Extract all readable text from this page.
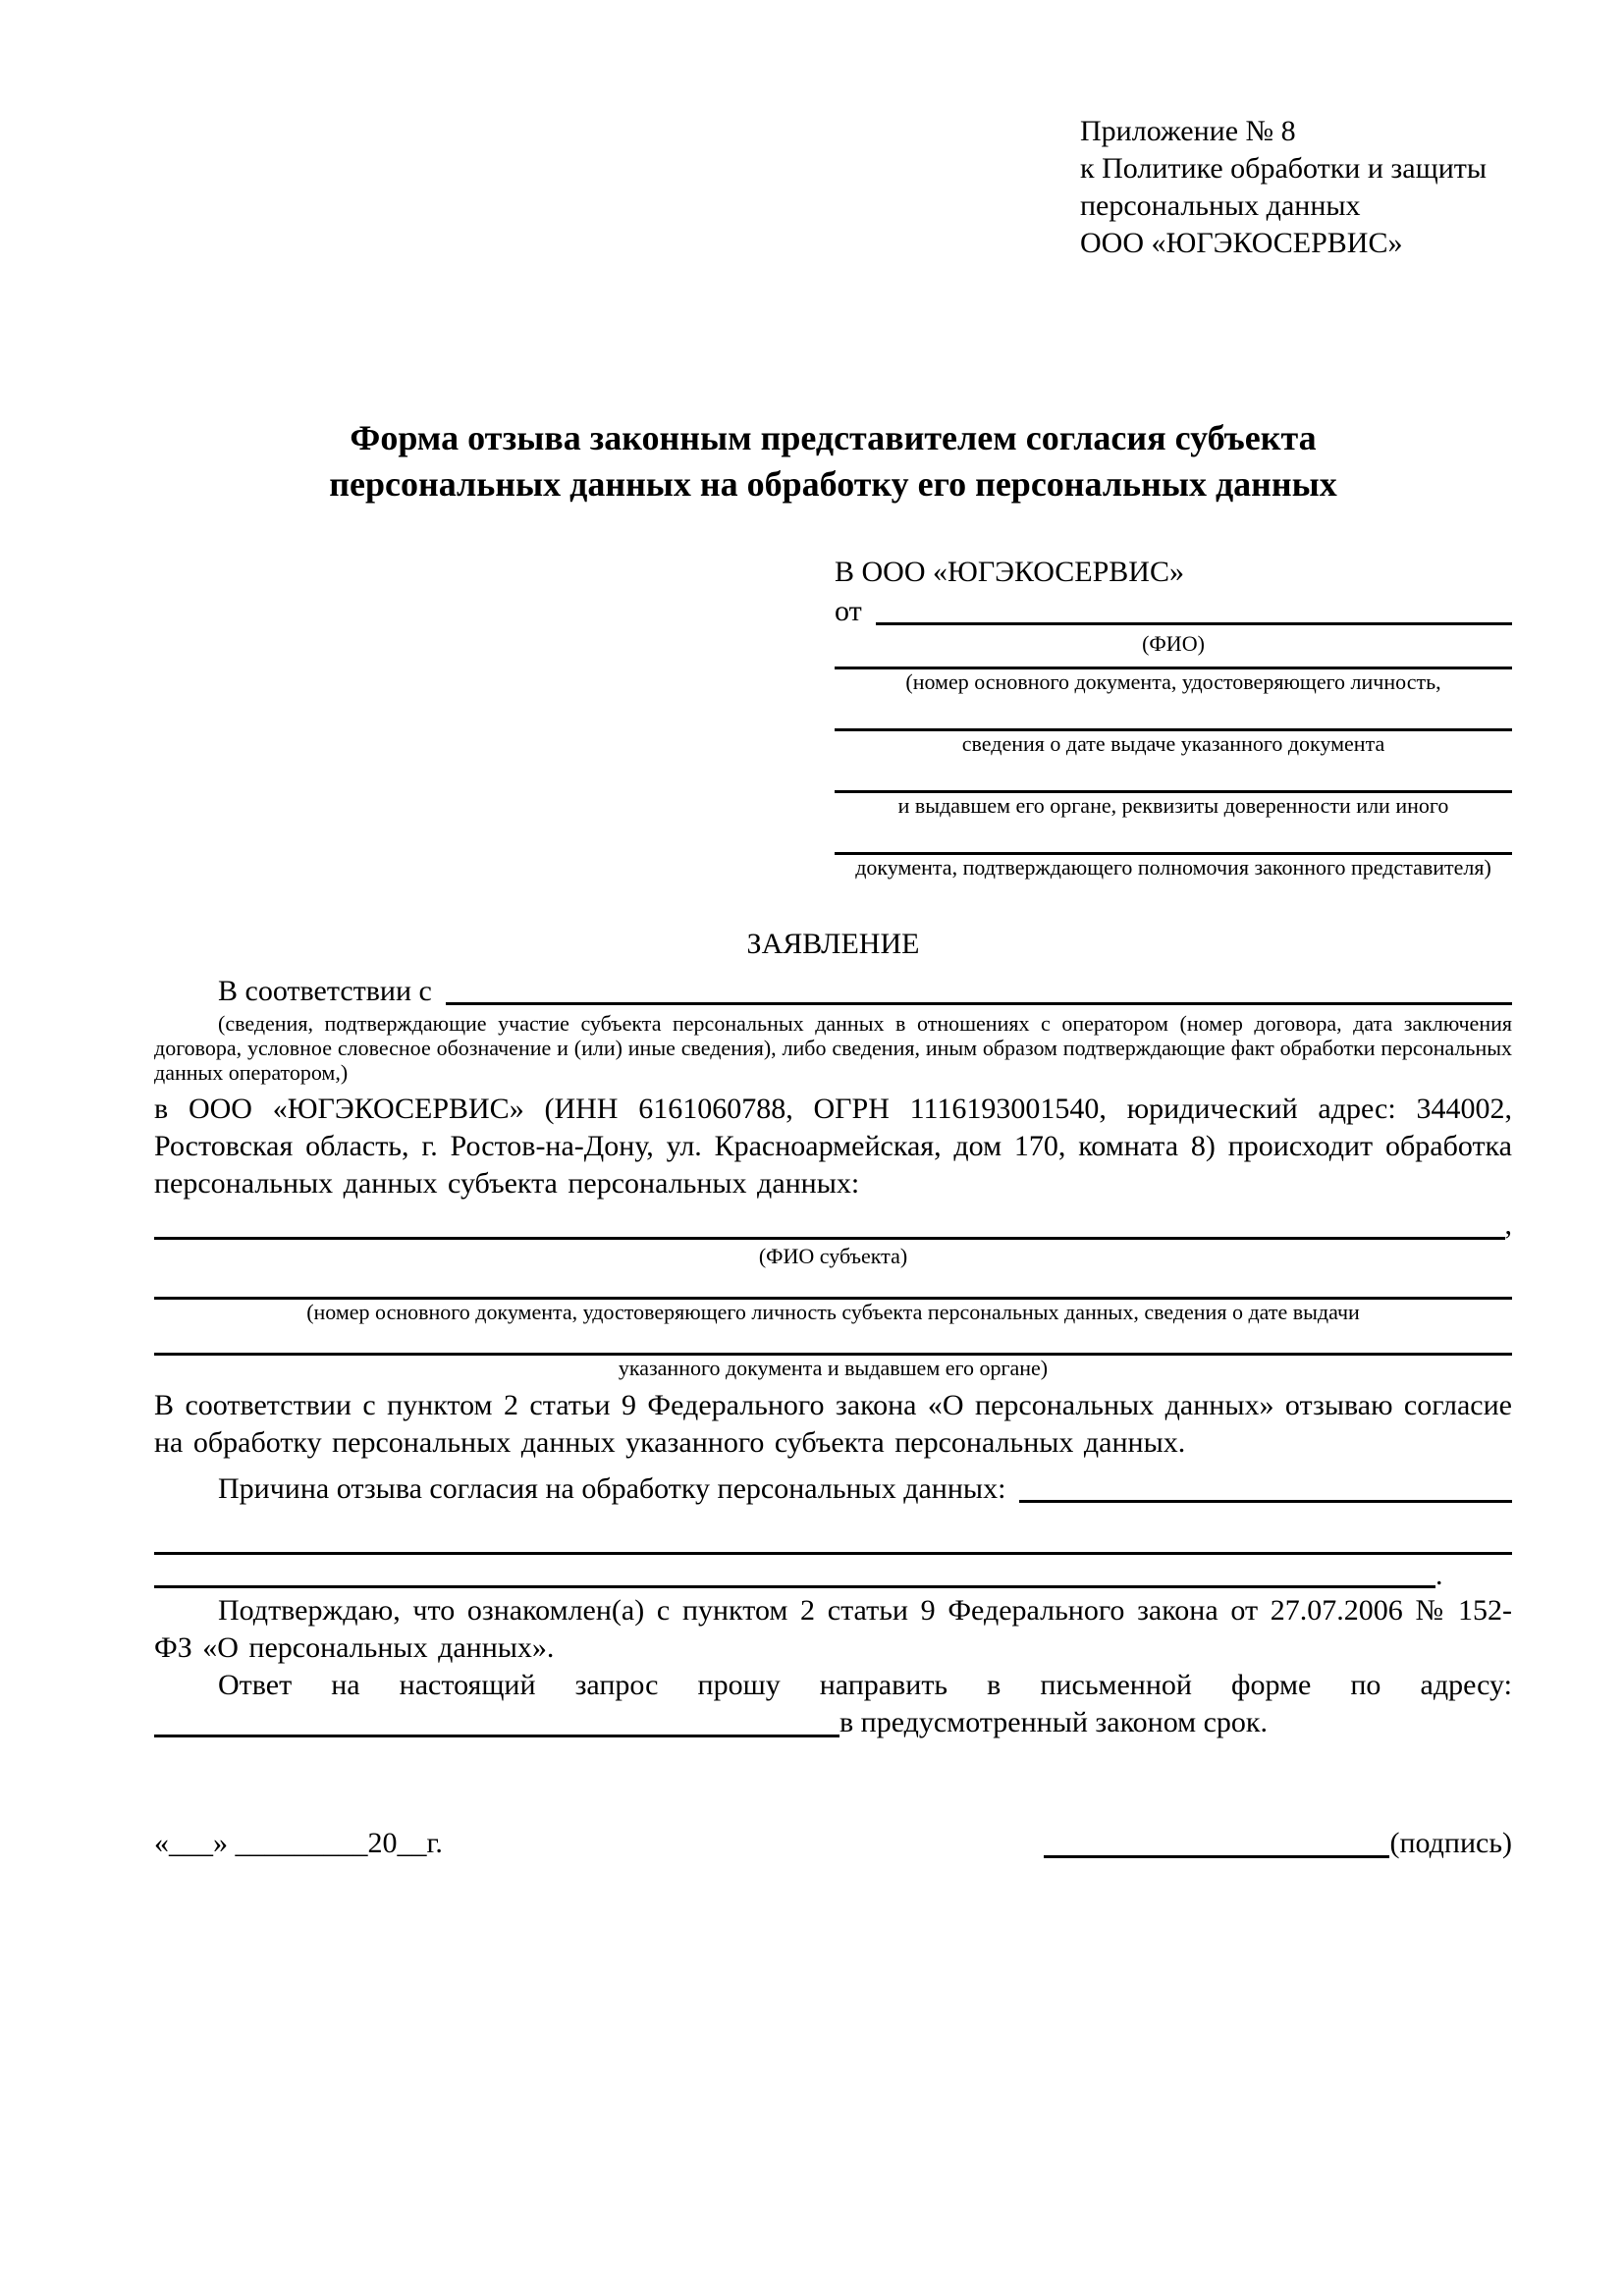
Приложение № 8
к Политике обработки и защиты
персональных данных
ООО «ЮГЭКОСЕРВИС»
Форма отзыва законным представителем согласия субъекта
персональных данных на обработку его персональных данных
В ООО «ЮГЭКОСЕРВИС»
от
(ФИО)
(номер основного документа, удостоверяющего личность,
сведения о дате выдаче указанного документа
и выдавшем его органе, реквизиты доверенности или иного
документа, подтверждающего полномочия законного представителя)
ЗАЯВЛЕНИЕ
В соответствии с

(сведения, подтверждающие участие субъекта персональных данных в отношениях с оператором (номер договора, дата заключения договора, условное словесное обозначение и (или) иные сведения), либо сведения, иным образом подтверждающие факт обработки персональных данных оператором,)

в ООО «ЮГЭКОСЕРВИС» (ИНН 6161060788, ОГРН 1116193001540, юридический адрес: 344002, Ростовская область, г. Ростов-на-Дону, ул. Красноармейская, дом 170, комната 8) происходит обработка персональных данных субъекта персональных данных:

,
(ФИО субъекта)
(номер основного документа, удостоверяющего личность субъекта персональных данных, сведения о дате выдачи
указанного документа и выдавшем его органе)

В соответствии с пунктом 2 статьи 9 Федерального закона «О персональных данных» отзываю согласие на обработку персональных данных указанного субъекта персональных данных.

Причина отзыва согласия на обработку персональных данных:
.

Подтверждаю, что ознакомлен(а) с пунктом 2 статьи 9 Федерального закона от 27.07.2006 № 152-ФЗ «О персональных данных».

Ответ на настоящий запрос прошу направить в письменной форме по адресу:

в предусмотренный законом срок.
«___» _________20__г.	(подпись)
